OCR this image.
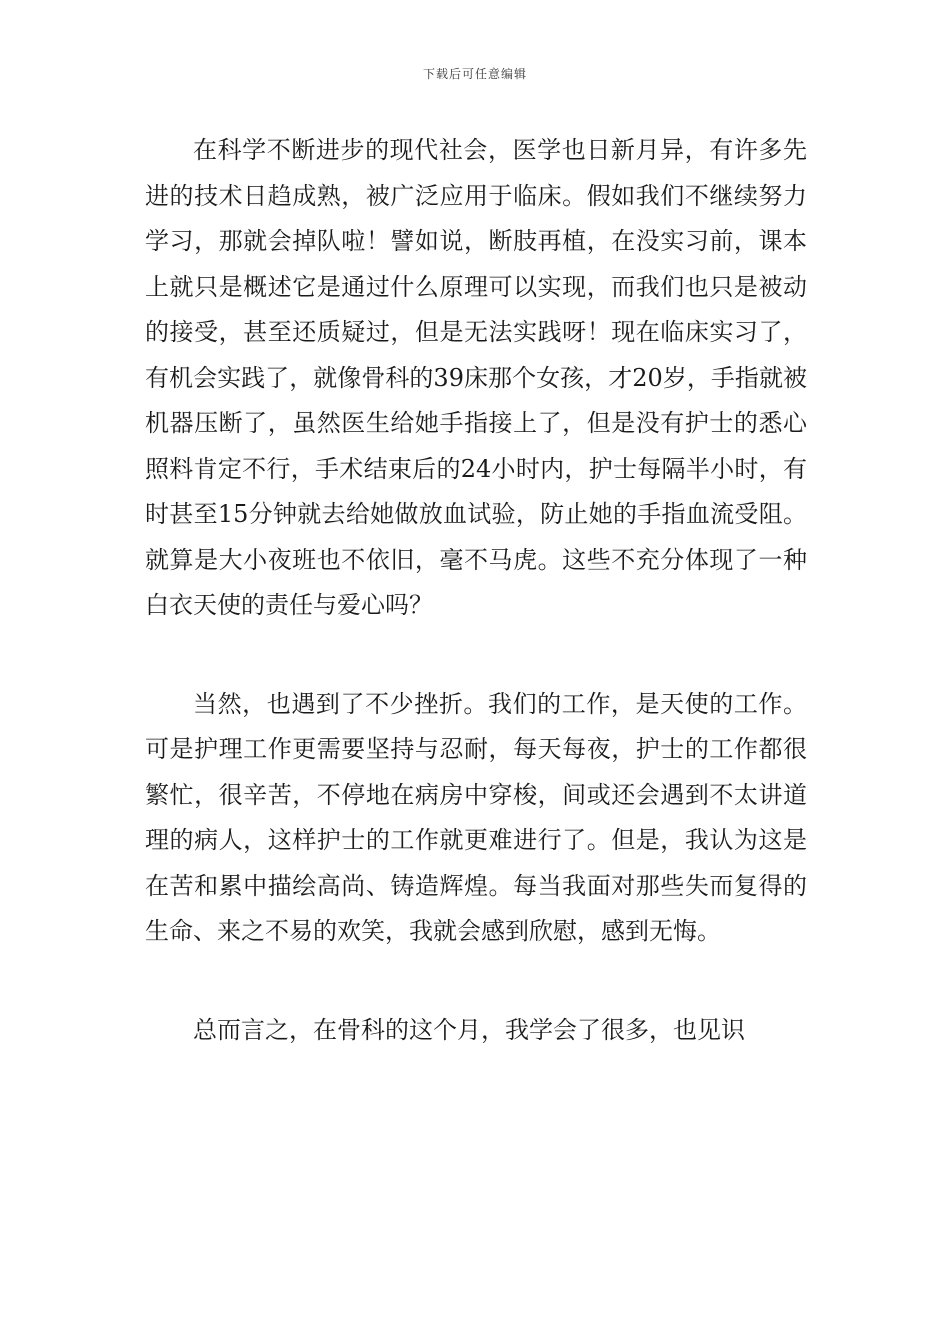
下载后可任意编辑

在科学不断进步的现代社会，医学也日新月异，有许多先进的技术日趋成熟，被广泛应用于临床。假如我们不继续努力学习，那就会掉队啦！譬如说，断肢再植，在没实习前，课本上就只是概述它是通过什么原理可以实现，而我们也只是被动的接受，甚至还质疑过，但是无法实践呀！现在临床实习了，有机会实践了，就像骨科的39床那个女孩，才20岁，手指就被机器压断了，虽然医生给她手指接上了，但是没有护士的悉心照料肯定不行，手术结束后的24小时内，护士每隔半小时，有时甚至15分钟就去给她做放血试验，防止她的手指血流受阻。就算是大小夜班也不依旧，毫不马虎。这些不充分体现了一种白衣天使的责任与爱心吗？

当然，也遇到了不少挫折。我们的工作，是天使的工作。可是护理工作更需要坚持与忍耐，每天每夜，护士的工作都很繁忙，很辛苦，不停地在病房中穿梭，间或还会遇到不太讲道理的病人，这样护士的工作就更难进行了。但是，我认为这是在苦和累中描绘高尚、铸造辉煌。每当我面对那些失而复得的生命、来之不易的欢笑，我就会感到欣慰，感到无悔。

总而言之，在骨科的这个月，我学会了很多，也见识
